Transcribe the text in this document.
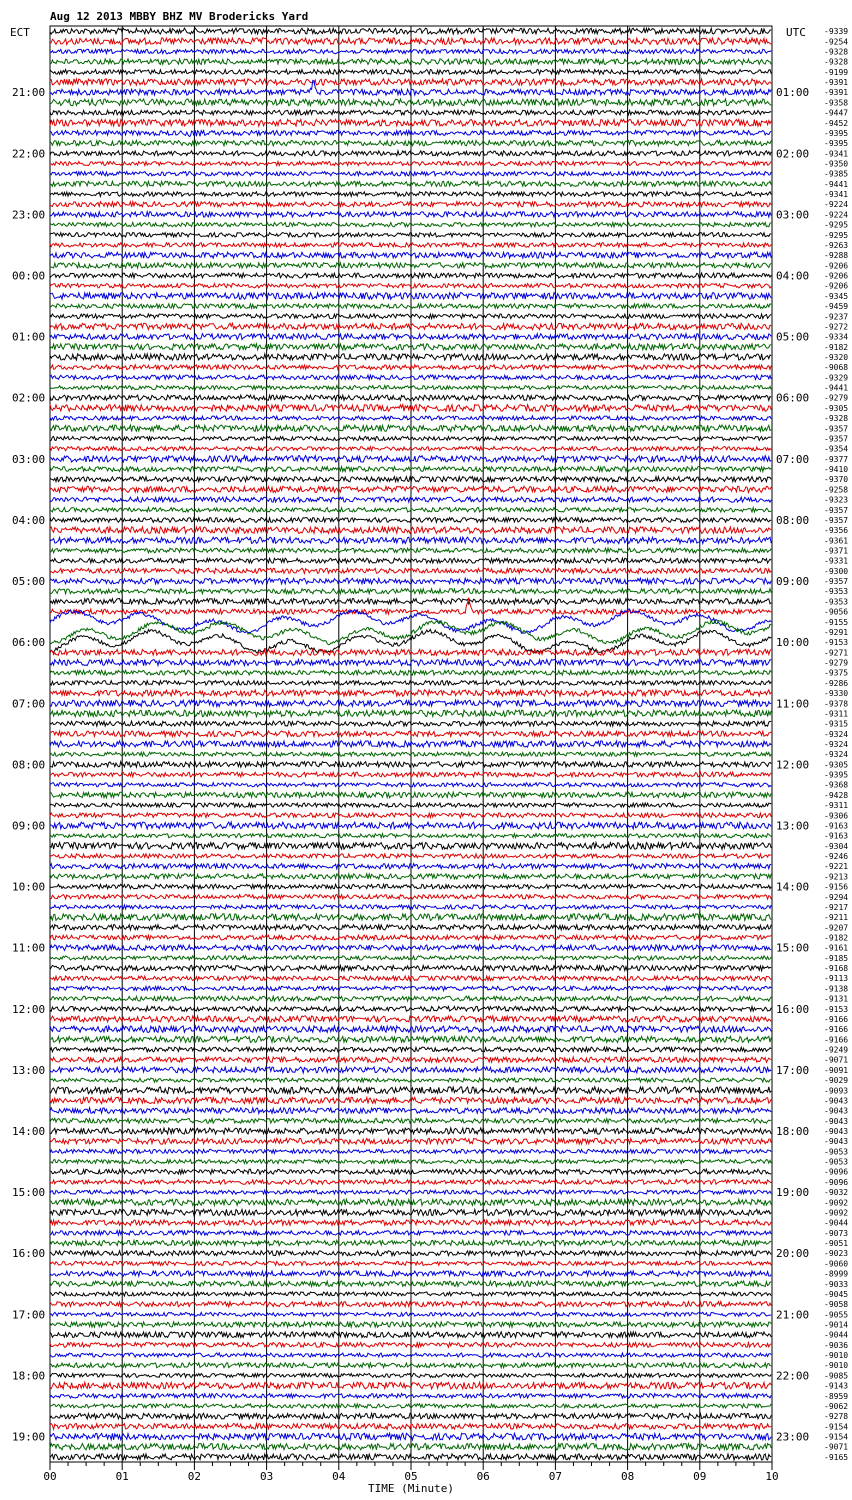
-9339
-9254
-9328
-9328
-9199
-9391
-9391
-9358
-9447
-9452
-9395
-9395
-9341
-9350
-9385
-9441
-9341
-9224
-9224
-9295
-9295
-9263
-9288
-9206
-9206
-9206
-9345
-9459
-9237
-9272
-9334
-9182
-9320
-9068
-9329
-9441
-9279
-9305
-9328
-9357
-9357
-9354
-9377
-9410
-9370
-9258
-9323
-9357
-9357
-9356
-9361
-9371
-9331
-9300
-9357
-9353
-9353
-9056
-9155
-9291
-9153
-9271
-9279
-9375
-9286
-9330
-9378
-9311
-9315
-9324
-9324
-9324
-9305
-9395
-9368
-9428
-9311
-9306
-9163
-9163
-9304
-9246
-9221
-9213
-9156
-9294
-9217
-9211
-9207
-9182
-9161
-9185
-9168
-9113
-9138
-9131
-9153
-9166
-9166
-9166
-9249
-9071
-9091
-9029
-9093
-9043
-9043
-9043
-9043
-9043
-9053
-9053
-9096
-9096
-9032
-9092
-9092
-9044
-9073
-9051
-9023
-9060
-8999
-9033
-9045
-9058
-9055
-9014
-9044
-9036
-9010
-9010
-9085
-9143
-8959
-9062
-9278
-9154
-9154
-9071
-9165
21:00
22:00
23:00
00:00
01:00
02:00
03:00
04:00
05:00
06:00
07:00
08:00
09:00
10:00
11:00
12:00
13:00
14:00
15:00
16:00
17:00
18:00
19:00
01:00
02:00
03:00
04:00
05:00
06:00
07:00
08:00
09:00
10:00
11:00
12:00
13:00
14:00
15:00
16:00
17:00
18:00
19:00
20:00
21:00
22:00
23:00
ECT	UTC
Aug 12 2013 MBBY BHZ MV Brodericks Yard
00	01	02	03	04	05	06	07	08	09	10
TIME (Minute)
